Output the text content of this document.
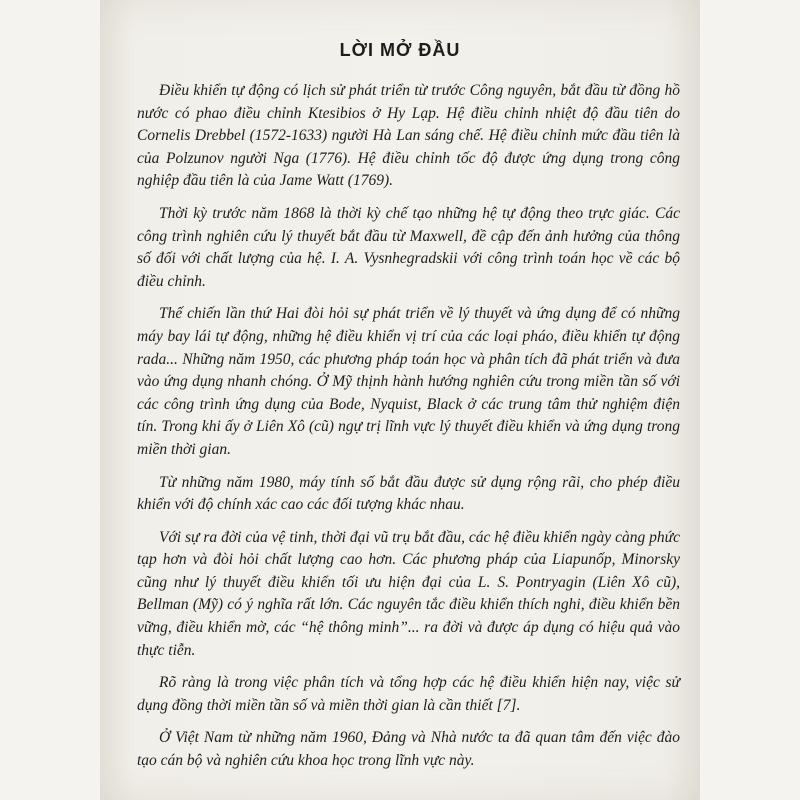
LỜI MỞ ĐẦU

Điều khiển tự động có lịch sử phát triển từ trước Công nguyên, bắt đầu từ đồng hồ nước có phao điều chỉnh Ktesibios ở Hy Lạp. Hệ điều chỉnh nhiệt độ đầu tiên do Cornelis Drebbel (1572-1633) người Hà Lan sáng chế. Hệ điều chỉnh mức đầu tiên là của Polzunov người Nga (1776). Hệ điều chỉnh tốc độ được ứng dụng trong công nghiệp đầu tiên là của Jame Watt (1769).

Thời kỳ trước năm 1868 là thời kỳ chế tạo những hệ tự động theo trực giác. Các công trình nghiên cứu lý thuyết bắt đầu từ Maxwell, đề cập đến ảnh hưởng của thông số đối với chất lượng của hệ. I. A. Vysnhegradskii với công trình toán học về các bộ điều chỉnh.

Thế chiến lần thứ Hai đòi hỏi sự phát triển về lý thuyết và ứng dụng để có những máy bay lái tự động, những hệ điều khiển vị trí của các loại pháo, điều khiển tự động rada... Những năm 1950, các phương pháp toán học và phân tích đã phát triển và đưa vào ứng dụng nhanh chóng. Ở Mỹ thịnh hành hướng nghiên cứu trong miền tần số với các công trình ứng dụng của Bode, Nyquist, Black ở các trung tâm thử nghiệm điện tín. Trong khi ấy ở Liên Xô (cũ) ngự trị lĩnh vực lý thuyết điều khiển và ứng dụng trong miền thời gian.

Từ những năm 1980, máy tính số bắt đầu được sử dụng rộng rãi, cho phép điều khiển với độ chính xác cao các đối tượng khác nhau.

Với sự ra đời của vệ tinh, thời đại vũ trụ bắt đầu, các hệ điều khiển ngày càng phức tạp hơn và đòi hỏi chất lượng cao hơn. Các phương pháp của Liapunốp, Minorsky cũng như lý thuyết điều khiển tối ưu hiện đại của L. S. Pontryagin (Liên Xô cũ), Bellman (Mỹ) có ý nghĩa rất lớn. Các nguyên tắc điều khiển thích nghi, điều khiển bền vững, điều khiển mờ, các “hệ thông minh”... ra đời và được áp dụng có hiệu quả vào thực tiễn.

Rõ ràng là trong việc phân tích và tổng hợp các hệ điều khiển hiện nay, việc sử dụng đồng thời miền tần số và miền thời gian là cần thiết [7].

Ở Việt Nam từ những năm 1960, Đảng và Nhà nước ta đã quan tâm đến việc đào tạo cán bộ và nghiên cứu khoa học trong lĩnh vực này.
